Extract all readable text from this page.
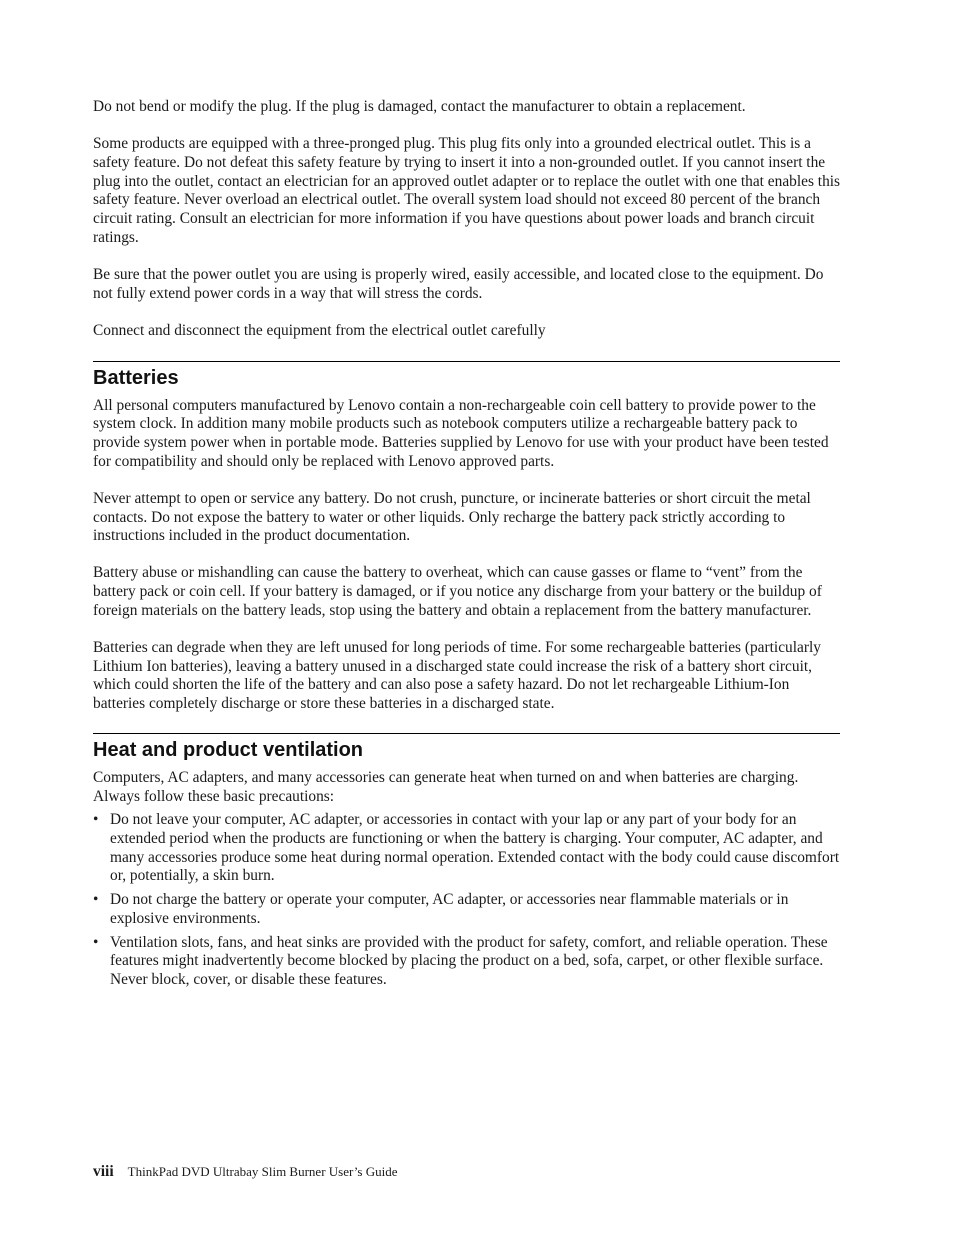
Do not bend or modify the plug. If the plug is damaged, contact the manufacturer to obtain a replacement.

Some products are equipped with a three-pronged plug. This plug fits only into a grounded electrical outlet. This is a safety feature. Do not defeat this safety feature by trying to insert it into a non-grounded outlet. If you cannot insert the plug into the outlet, contact an electrician for an approved outlet adapter or to replace the outlet with one that enables this safety feature. Never overload an electrical outlet. The overall system load should not exceed 80 percent of the branch circuit rating. Consult an electrician for more information if you have questions about power loads and branch circuit ratings.

Be sure that the power outlet you are using is properly wired, easily accessible, and located close to the equipment. Do not fully extend power cords in a way that will stress the cords.

Connect and disconnect the equipment from the electrical outlet carefully

Batteries

All personal computers manufactured by Lenovo contain a non-rechargeable coin cell battery to provide power to the system clock. In addition many mobile products such as notebook computers utilize a rechargeable battery pack to provide system power when in portable mode. Batteries supplied by Lenovo for use with your product have been tested for compatibility and should only be replaced with Lenovo approved parts.

Never attempt to open or service any battery. Do not crush, puncture, or incinerate batteries or short circuit the metal contacts. Do not expose the battery to water or other liquids. Only recharge the battery pack strictly according to instructions included in the product documentation.

Battery abuse or mishandling can cause the battery to overheat, which can cause gasses or flame to “vent” from the battery pack or coin cell. If your battery is damaged, or if you notice any discharge from your battery or the buildup of foreign materials on the battery leads, stop using the battery and obtain a replacement from the battery manufacturer.

Batteries can degrade when they are left unused for long periods of time. For some rechargeable batteries (particularly Lithium Ion batteries), leaving a battery unused in a discharged state could increase the risk of a battery short circuit, which could shorten the life of the battery and can also pose a safety hazard. Do not let rechargeable Lithium-Ion batteries completely discharge or store these batteries in a discharged state.

Heat and product ventilation

Computers, AC adapters, and many accessories can generate heat when turned on and when batteries are charging. Always follow these basic precautions:

• Do not leave your computer, AC adapter, or accessories in contact with your lap or any part of your body for an extended period when the products are functioning or when the battery is charging. Your computer, AC adapter, and many accessories produce some heat during normal operation. Extended contact with the body could cause discomfort or, potentially, a skin burn.

• Do not charge the battery or operate your computer, AC adapter, or accessories near flammable materials or in explosive environments.

• Ventilation slots, fans, and heat sinks are provided with the product for safety, comfort, and reliable operation. These features might inadvertently become blocked by placing the product on a bed, sofa, carpet, or other flexible surface. Never block, cover, or disable these features.

viii ThinkPad DVD Ultrabay Slim Burner User’s Guide
